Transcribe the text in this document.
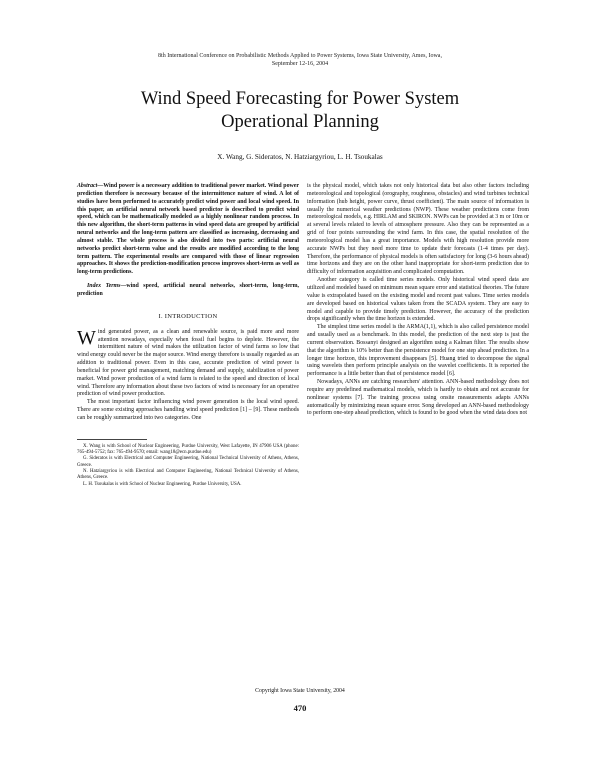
8th International Conference on Probabilistic Methods Applied to Power Systems, Iowa State University, Ames, Iowa,
September 12-16, 2004
Wind Speed Forecasting for Power System
Operational Planning
X. Wang, G. Sideratos, N. Hatziargyriou, L. H. Tsoukalas

Abstract—Wind power is a necessary addition to traditional power market. Wind power prediction therefore is necessary because of the intermittence nature of wind. A lot of studies have been performed to accurately predict wind power and local wind speed. In this paper, an artificial neural network based predictor is described to predict wind speed, which can be mathematically modeled as a highly nonlinear random process. In this new algorithm, the short-term patterns in wind speed data are grouped by artificial neural networks and the long-term pattern are classified as increasing, decreasing and almost stable. The whole process is also divided into two parts: artificial neural networks predict short-term value and the results are modified according to the long term pattern. The experimental results are compared with those of linear regression approaches. It shows the prediction-modification process improves short-term as well as long-term predictions.

Index Terms—wind speed, artificial neural networks, short-term, long-term, prediction

I. INTRODUCTION

Wind generated power, as a clean and renewable source, is paid more and more attention nowadays, especially when fossil fuel begins to deplete. However, the intermittent nature of wind makes the utilization factor of wind farms so low that wind energy could never be the major source. Wind energy therefore is usually regarded as an addition to traditional power. Even in this case, accurate prediction of wind power is beneficial for power grid management, matching demand and supply, stabilization of power market. Wind power production of a wind farm is related to the speed and direction of local wind. Therefore any information about these two factors of wind is necessary for an operative prediction of wind power production.

The most important factor influencing wind power generation is the local wind speed. There are some existing approaches handling wind speed prediction [1] – [9]. These methods can be roughly summarized into two categories. One

X. Wang is with School of Nuclear Engineering, Purdue University, West Lafayette, IN 47906 USA (phone: 765-494-5752; fax: 765-494-9570; email: wang18@ecn.purdue.edu)

G. Sideratos is with Electrical and Computer Engineering, National Technical University of Athens, Athens, Greece.

N. Hatziargyriou is with Electrical and Computer Engineering, National Technical University of Athens, Athens, Greece.

L. H. Tsoukalas is with School of Nuclear Engineering, Purdue University, USA.

is the physical model, which takes not only historical data but also other factors including meteorological and topological (orography, roughness, obstacles) and wind turbines technical information (hub height, power curve, thrust coefficient). The main source of information is usually the numerical weather predictions (NWP). These weather predictions come from meteorological models, e.g. HIRLAM and SKIRON. NWPs can be provided at 3 m or 10m or at several levels related to levels of atmosphere pressure. Also they can be represented as a grid of four points surrounding the wind farm. In this case, the spatial resolution of the meteorological model has a great importance. Models with high resolution provide more accurate NWPs but they need more time to update their forecasts (1-4 times per day). Therefore, the performance of physical models is often satisfactory for long (3-6 hours ahead) time horizons and they are on the other hand inappropriate for short-term prediction due to difficulty of information acquisition and complicated computation.

Another category is called time series models. Only historical wind speed data are utilized and modeled based on minimum mean square error and statistical theories. The future value is extrapolated based on the existing model and recent past values. Time series models are developed based on historical values taken from the SCADA system. They are easy to model and capable to provide timely prediction. However, the accuracy of the prediction drops significantly when the time horizon is extended.

The simplest time series model is the ARMA(1,1), which is also called persistence model and usually used as a benchmark. In this model, the prediction of the next step is just the current observation. Bossanyi designed an algorithm using a Kalman filter. The results show that the algorithm is 10% better than the persistence model for one step ahead prediction. In a longer time horizon, this improvement disappears [5]. Huang tried to decompose the signal using wavelets then perform principle analysis on the wavelet coefficients. It is reported the performance is a little better than that of persistence model [6].

Nowadays, ANNs are catching researchers' attention. ANN-based methodology does not require any predefined mathematical models, which is hardly to obtain and not accurate for nonlinear systems [7]. The training process using onsite measurements adapts ANNs automatically by minimizing mean square error. Song developed an ANN-based methodology to perform one-step ahead prediction, which is found to be good when the wind data does not

Copyright Iowa State University, 2004
470
